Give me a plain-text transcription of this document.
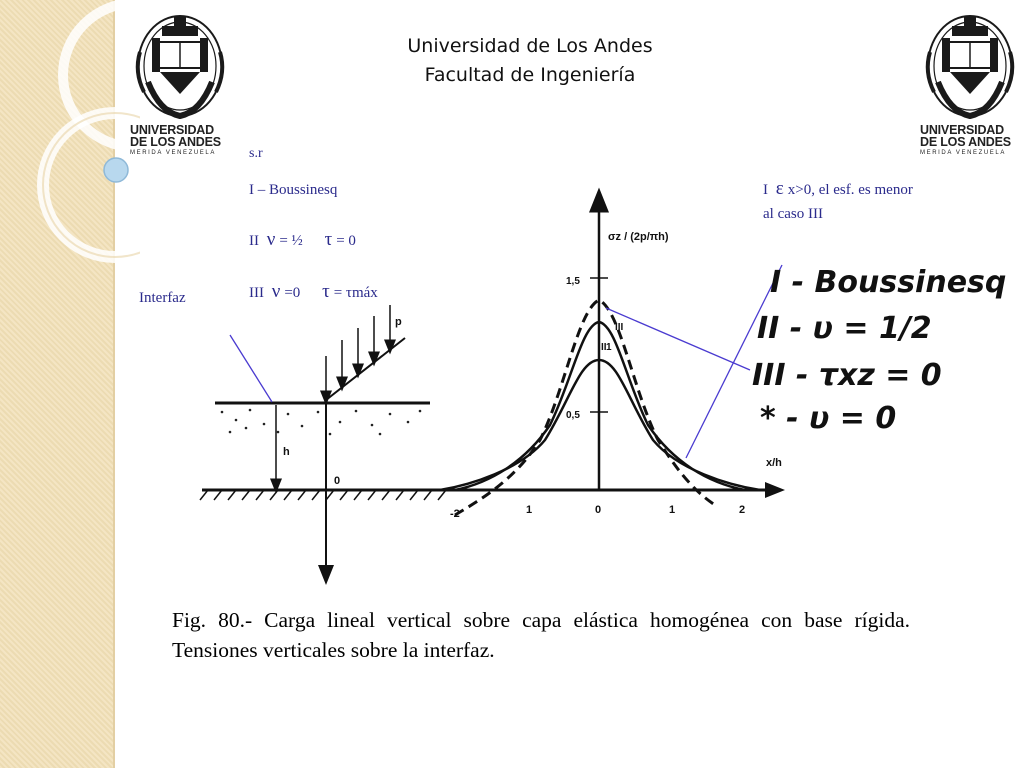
UNIVERSIDAD
DE LOS ANDES
MERIDA VENEZUELA
UNIVERSIDAD
DE LOS ANDES
MERIDA VENEZUELA
Universidad de Los Andes
Facultad de Ingeniería
s.r
I – Boussinesq
II ν = ½ τ = 0
III ν =0 τ = τmáx
Interfaz
I ε x>0, el esf. es menor
al caso III
p
h
0
σz / (2p/πh)
x/h
1,5
0,5
1
III
II
-2	1	0	1	2
I - Boussinesq
II - υ = 1/2
III - τxz = 0
* - υ = 0
Fig. 80.- Carga lineal vertical sobre capa elástica homogénea con base rígida. Tensiones verticales sobre la interfaz.
